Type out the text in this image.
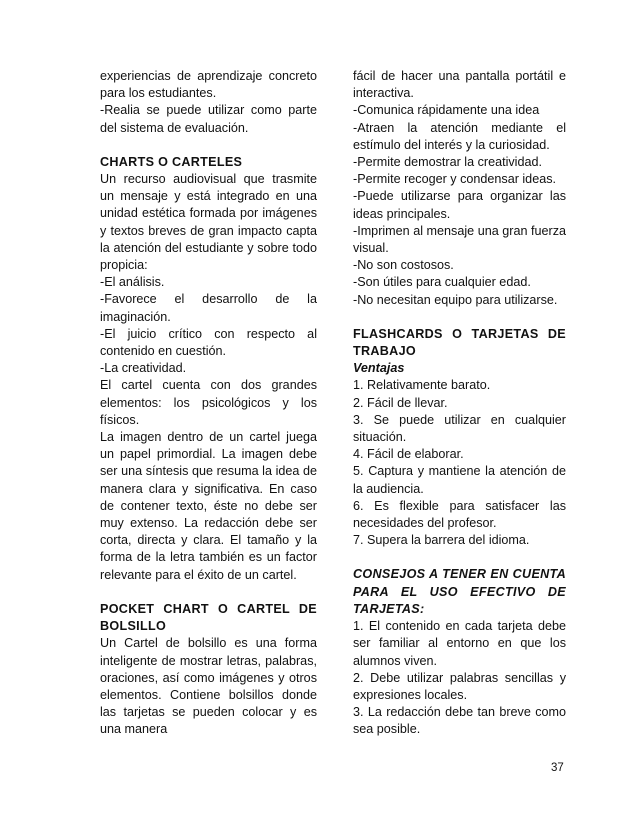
experiencias de aprendizaje concreto para los estudiantes.

-Realia se puede utilizar como parte del sistema de evaluación.

CHARTS O CARTELES

Un recurso audiovisual que trasmite un mensaje y está integrado en una unidad estética formada por imágenes y textos breves de gran impacto capta la atención del estudiante y sobre todo propicia:

-El análisis.

-Favorece el desarrollo de la imaginación.

-El juicio crítico con respecto al contenido en cuestión.

-La creatividad.

El cartel cuenta con dos grandes elementos: los psicológicos y los físicos.

La imagen dentro de un cartel juega un papel primordial. La imagen debe ser una síntesis que resuma la idea de manera clara y significativa. En caso de contener texto, éste no debe ser muy extenso. La redacción debe ser corta, directa y clara. El tamaño y la forma de la letra también es un factor relevante para el éxito de un cartel.

POCKET CHART O CARTEL DE BOLSILLO

Un Cartel de bolsillo es una forma inteligente de mostrar letras, palabras, oraciones, así como imágenes y otros elementos. Contiene bolsillos donde las tarjetas se pueden colocar y es una manera

fácil de hacer una pantalla portátil e interactiva.

-Comunica rápidamente una idea

-Atraen la atención mediante el estímulo del interés y la curiosidad.

-Permite demostrar la creatividad.

-Permite recoger y condensar ideas.

-Puede utilizarse para organizar las ideas principales.

-Imprimen al mensaje una gran fuerza visual.

-No son costosos.

-Son útiles para cualquier edad.

-No necesitan equipo para utilizarse.

FLASHCARDS O TARJETAS DE TRABAJO
Ventajas

1. Relativamente barato.

2. Fácil de llevar.

3. Se puede utilizar en cualquier situación.

4. Fácil de elaborar.

5. Captura y mantiene la atención de la audiencia.

6. Es flexible para satisfacer las necesidades del profesor.

7. Supera la barrera del idioma.

CONSEJOS A TENER EN CUENTA PARA EL USO EFECTIVO DE TARJETAS:

1. El contenido en cada tarjeta debe ser familiar al entorno en que los alumnos viven.

2. Debe utilizar palabras sencillas y expresiones locales.

3. La redacción debe tan breve como sea posible.

37
